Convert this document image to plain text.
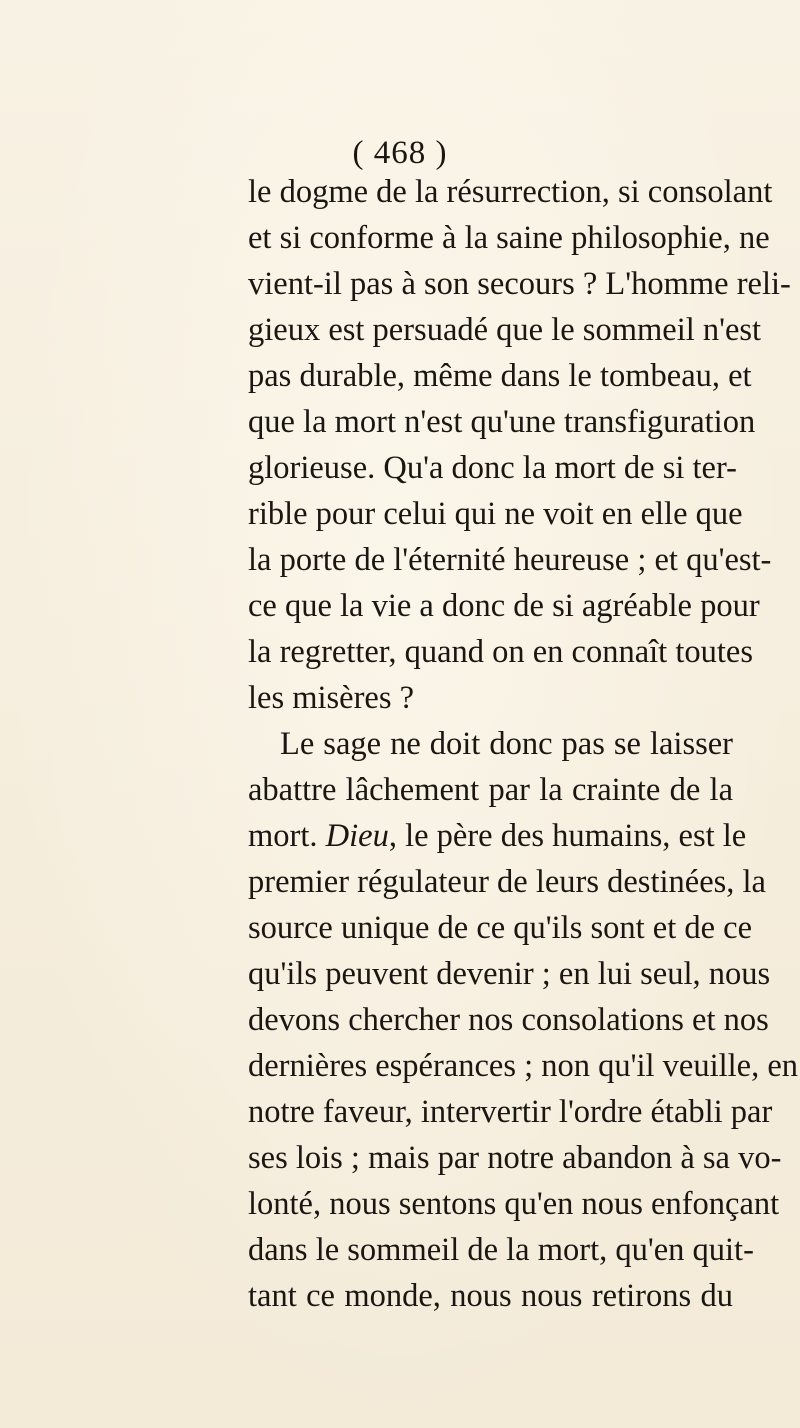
( 468 )
le dogme de la résurrection, si consolant
et si conforme à la saine philosophie, ne
vient-il pas à son secours ? L'homme reli-
gieux est persuadé que le sommeil n'est
pas durable, même dans le tombeau, et
que la mort n'est qu'une transfiguration
glorieuse. Qu'a donc la mort de si ter-
rible pour celui qui ne voit en elle que
la porte de l'éternité heureuse ; et qu'est-
ce que la vie a donc de si agréable pour
la regretter, quand on en connaît toutes
les misères ?
Le sage ne doit donc pas se laisser
abattre lâchement par la crainte de la
mort. Dieu, le père des humains, est le
premier régulateur de leurs destinées, la
source unique de ce qu'ils sont et de ce
qu'ils peuvent devenir ; en lui seul, nous
devons chercher nos consolations et nos
dernières espérances ; non qu'il veuille, en
notre faveur, intervertir l'ordre établi par
ses lois ; mais par notre abandon à sa vo-
lonté, nous sentons qu'en nous enfonçant
dans le sommeil de la mort, qu'en quit-
tant ce monde, nous nous retirons du
